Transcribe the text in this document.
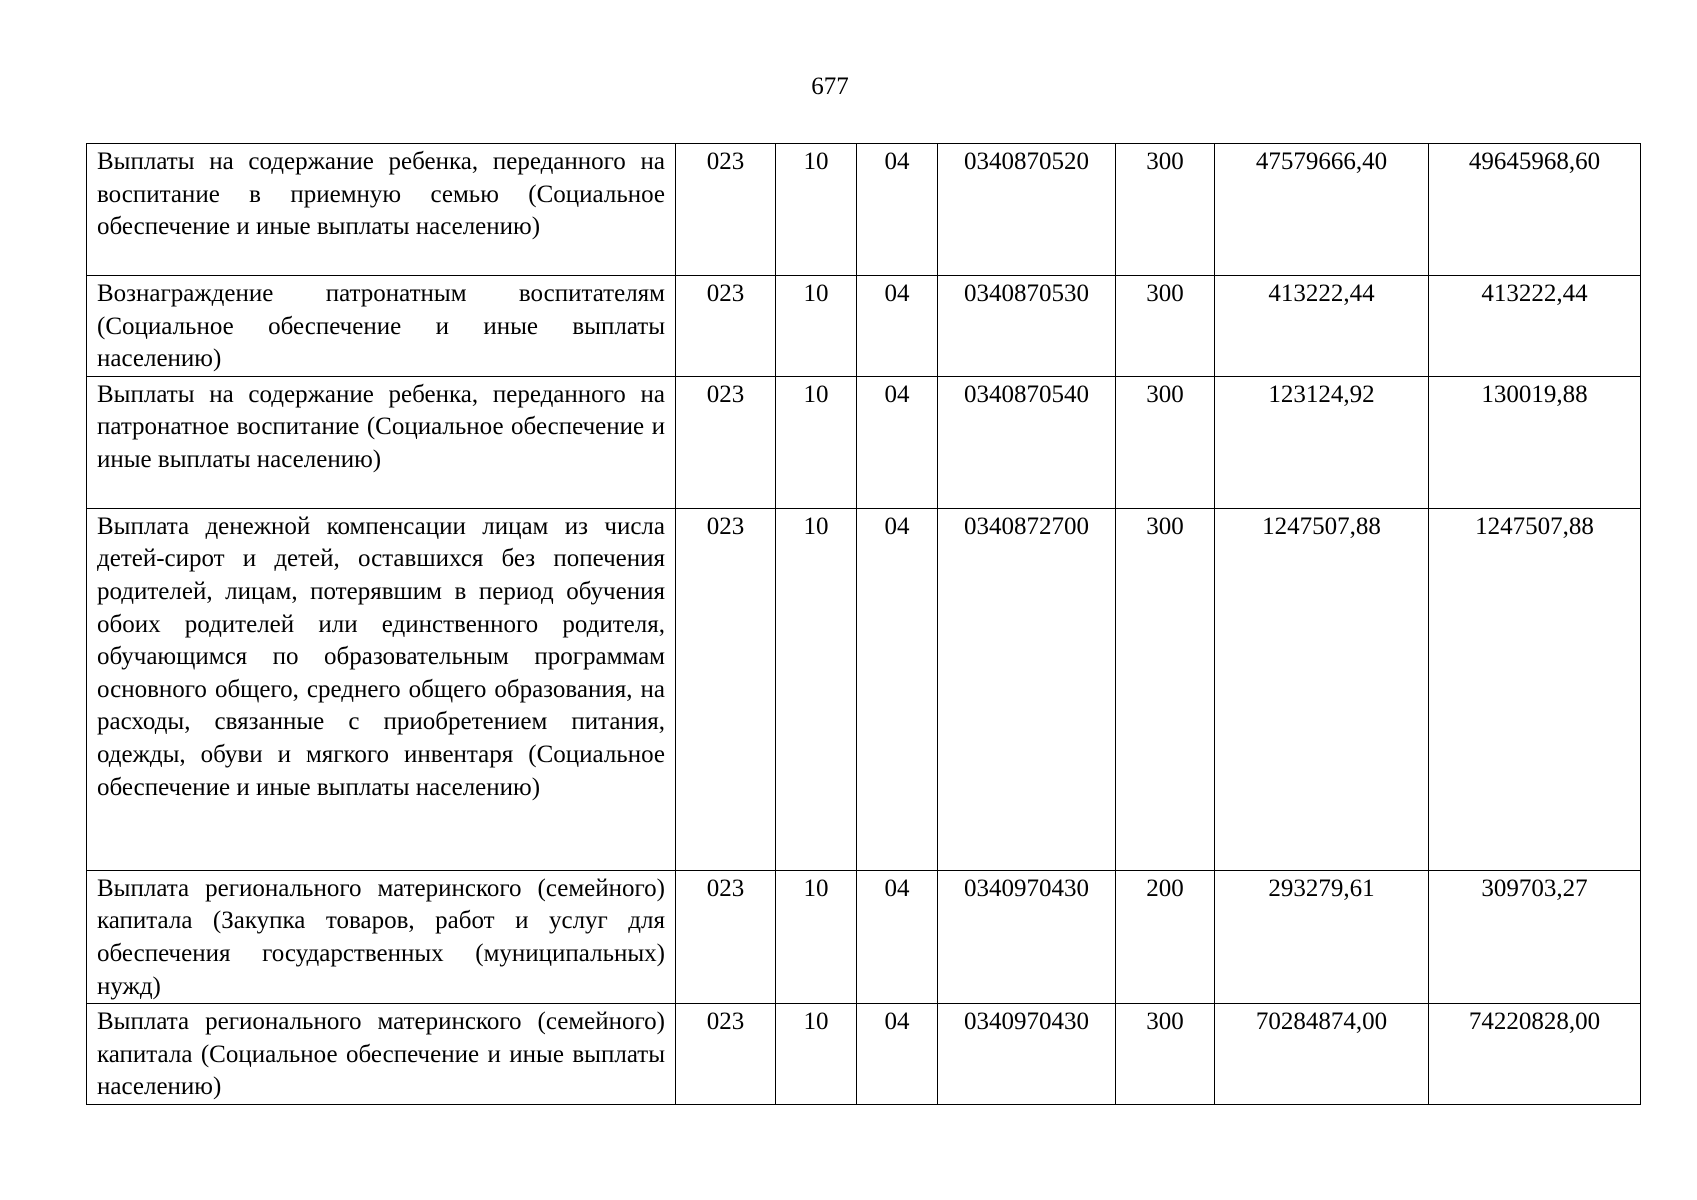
677
Выплаты на содержание ребенка, переданного на воспитание в приемную семью (Социальное обеспечение и иные выплаты населению)	023	10	04	0340870520	300	47579666,40	49645968,60
Вознаграждение патронатным воспитателям (Социальное обеспечение и иные выплаты населению)	023	10	04	0340870530	300	413222,44	413222,44
Выплаты на содержание ребенка, переданного на патронатное воспитание (Социальное обеспечение и иные выплаты населению)	023	10	04	0340870540	300	123124,92	130019,88
Выплата денежной компенсации лицам из числа детей-сирот и детей, оставшихся без попечения родителей, лицам, потерявшим в период обучения обоих родителей или единственного родителя, обучающимся по образовательным программам основного общего, среднего общего образования, на расходы, связанные с приобретением питания, одежды, обуви и мягкого инвентаря (Социальное обеспечение и иные выплаты населению)	023	10	04	0340872700	300	1247507,88	1247507,88
Выплата регионального материнского (семейного) капитала (Закупка товаров, работ и услуг для обеспечения государственных (муниципальных) нужд)	023	10	04	0340970430	200	293279,61	309703,27
Выплата регионального материнского (семейного) капитала (Социальное обеспечение и иные выплаты населению)	023	10	04	0340970430	300	70284874,00	74220828,00
